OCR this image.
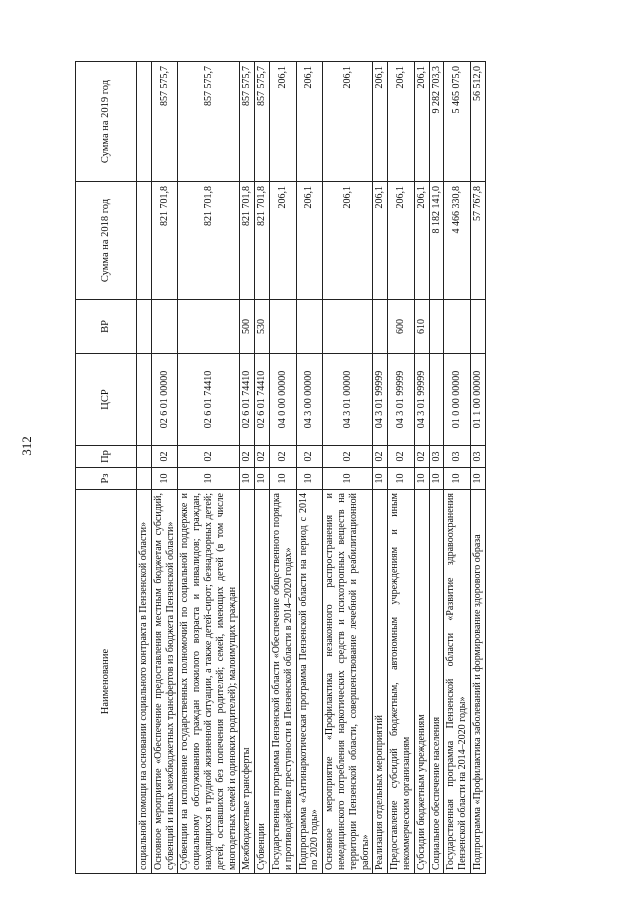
312
Наименование	Рз	Пр	ЦСР	ВР	Сумма на 2018 год	Сумма на 2019 год
социальной помощи на основании социального контракта в Пензенской области»						
Основное мероприятие «Обеспечение предоставления местным бюджетам субсидий, субвенций и иных межбюджетных трансфертов из бюджета Пензенской области»	10	02	02 6 01 00000		821 701,8	857 575,7
Субвенции на исполнение государственных полномочий по социальной поддержке и социальному обслуживанию граждан пожилого возраста и инвалидов; граждан, находящихся в трудной жизненной ситуации, а также детей-сирот; безнадзорных детей; детей, оставшихся без попечения родителей; семей, имеющих детей (в том числе многодетных семей и одиноких родителей); малоимущих граждан	10	02	02 6 01 74410		821 701,8	857 575,7
Межбюджетные трансферты	10	02	02 6 01 74410	500	821 701,8	857 575,7
Субвенции	10	02	02 6 01 74410	530	821 701,8	857 575,7
Государственная программа Пензенской области «Обеспечение общественного порядка и противодействие преступности в Пензенской области в 2014–2020 годах»	10	02	04 0 00 00000		206,1	206,1
Подпрограмма «Антинаркотическая программа Пензенской области на период с 2014 по 2020 годы»	10	02	04 3 00 00000		206,1	206,1
Основное мероприятие «Профилактика незаконного распространения и немедицинского потребления наркотических средств и психотропных веществ на территории Пензенской области, совершенствование лечебной и реабилитационной работы»	10	02	04 3 01 00000		206,1	206,1
Реализация отдельных мероприятий	10	02	04 3 01 99999		206,1	206,1
Предоставление субсидий бюджетным, автономным учреждениям и иным некоммерческим организациям	10	02	04 3 01 99999	600	206,1	206,1
Субсидии бюджетным учреждениям	10	02	04 3 01 99999	610	206,1	206,1
Социальное обеспечение населения	10	03			8 182 141,0	9 282 703,3
Государственная программа Пензенской области «Развитие здравоохранения Пензенской области на 2014–2020 годы»	10	03	01 0 00 00000		4 466 330,8	5 465 075,0
Подпрограмма «Профилактика заболеваний и формирование здорового образа	10	03	01 1 00 00000		57 767,8	56 512,0
